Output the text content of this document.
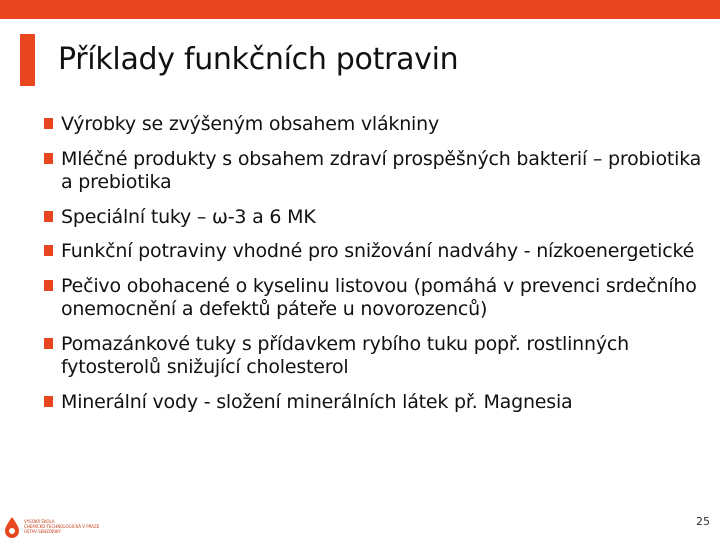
Příklady funkčních potravin
Výrobky se zvýšeným obsahem vlákniny
Mléčné produkty s obsahem zdraví prospěšných bakterií – probiotika a prebiotika
Speciální tuky – ω-3 a 6 MK
Funkční potraviny vhodné pro snižování nadváhy - nízkoenergetické
Pečivo obohacené o kyselinu listovou (pomáhá v prevenci srdečního onemocnění a defektů páteře u novorozenců)
Pomazánkové tuky s přídavkem rybího tuku popř. rostlinných fytosterolů snižující cholesterol
Minerální vody - složení minerálních látek př. Magnesia
VYSOKÁ ŠKOLA
CHEMICKO-TECHNOLOGICKÁ V PRAZE
ÚSTAV SENZORIKY
25
